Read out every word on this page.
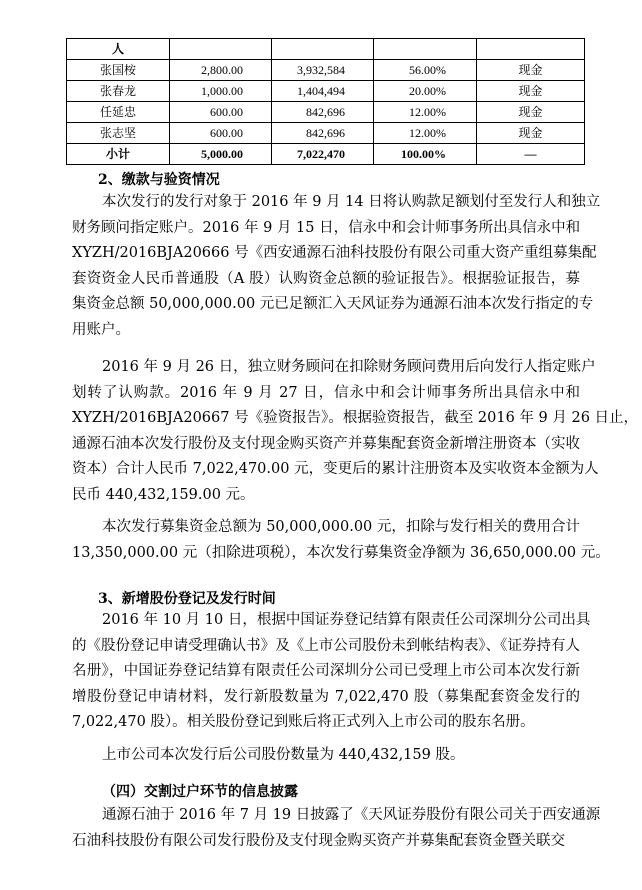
人				
张国桉	2,800.00	3,932,584	56.00%	现金
张春龙	1,000.00	1,404,494	20.00%	现金
任延忠	600.00	842,696	12.00%	现金
张志坚	600.00	842,696	12.00%	现金
小计	5,000.00	7,022,470	100.00%	—
2、缴款与验资情况
本次发行的发行对象于 2016 年 9 月 14 日将认购款足额划付至发行人和独立
财务顾问指定账户。2016 年 9 月 15 日，信永中和会计师事务所出具信永中和
XYZH/2016BJA20666 号《西安通源石油科技股份有限公司重大资产重组募集配
套资资金人民币普通股（A 股）认购资金总额的验证报告》。根据验证报告，募
集资金总额 50,000,000.00 元已足额汇入天风证券为通源石油本次发行指定的专
用账户。
2016 年 9 月 26 日，独立财务顾问在扣除财务顾问费用后向发行人指定账户
划转了认购款。2016 年 9 月 27 日，信永中和会计师事务所出具信永中和
XYZH/2016BJA20667 号《验资报告》。根据验资报告，截至 2016 年 9 月 26 日止，
通源石油本次发行股份及支付现金购买资产并募集配套资金新增注册资本（实收
资本）合计人民币 7,022,470.00 元，变更后的累计注册资本及实收资本金额为人
民币 440,432,159.00 元。
本次发行募集资金总额为 50,000,000.00 元，扣除与发行相关的费用合计
13,350,000.00 元（扣除进项税），本次发行募集资金净额为 36,650,000.00 元。
3、新增股份登记及发行时间
2016 年 10 月 10 日，根据中国证券登记结算有限责任公司深圳分公司出具
的《股份登记申请受理确认书》及《上市公司股份未到帐结构表》、《证券持有人
名册》，中国证券登记结算有限责任公司深圳分公司已受理上市公司本次发行新
增股份登记申请材料，发行新股数量为 7,022,470 股（募集配套资金发行的
7,022,470 股）。相关股份登记到账后将正式列入上市公司的股东名册。
上市公司本次发行后公司股份数量为 440,432,159 股。
（四）交割过户环节的信息披露
通源石油于 2016 年 7 月 19 日披露了《天风证券股份有限公司关于西安通源
石油科技股份有限公司发行股份及支付现金购买资产并募集配套资金暨关联交
